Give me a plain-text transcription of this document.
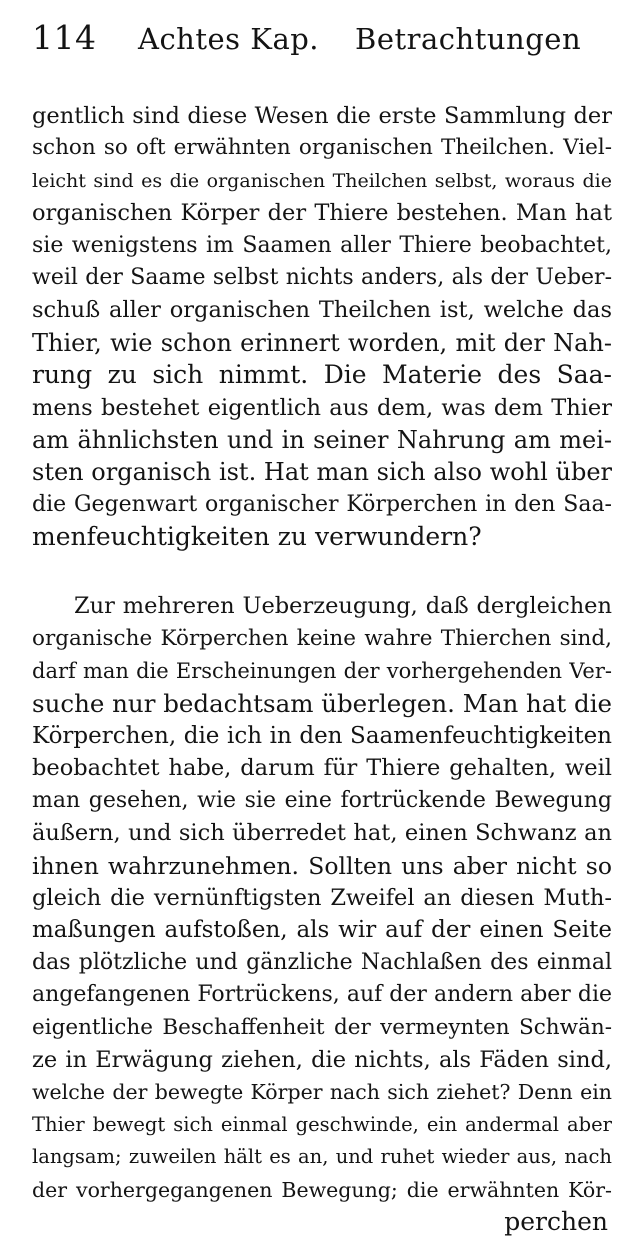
114	Achtes Kap. Betrachtungen
gentlich sind diese Wesen die erste Sammlung der
schon so oft erwähnten organischen Theilchen. Viel-
leicht sind es die organischen Theilchen selbst, woraus die
organischen Körper der Thiere bestehen. Man hat
sie wenigstens im Saamen aller Thiere beobachtet,
weil der Saame selbst nichts anders, als der Ueber-
schuß aller organischen Theilchen ist, welche das
Thier, wie schon erinnert worden, mit der Nah-
rung zu sich nimmt. Die Materie des Saa-
mens bestehet eigentlich aus dem, was dem Thier
am ähnlichsten und in seiner Nahrung am mei-
sten organisch ist. Hat man sich also wohl über
die Gegenwart organischer Körperchen in den Saa-
menfeuchtigkeiten zu verwundern?
Zur mehreren Ueberzeugung, daß dergleichen
organische Körperchen keine wahre Thierchen sind,
darf man die Erscheinungen der vorhergehenden Ver-
suche nur bedachtsam überlegen. Man hat die
Körperchen, die ich in den Saamenfeuchtigkeiten
beobachtet habe, darum für Thiere gehalten, weil
man gesehen, wie sie eine fortrückende Bewegung
äußern, und sich überredet hat, einen Schwanz an
ihnen wahrzunehmen. Sollten uns aber nicht so
gleich die vernünftigsten Zweifel an diesen Muth-
maßungen aufstoßen, als wir auf der einen Seite
das plötzliche und gänzliche Nachlaßen des einmal
angefangenen Fortrückens, auf der andern aber die
eigentliche Beschaffenheit der vermeynten Schwän-
ze in Erwägung ziehen, die nichts, als Fäden sind,
welche der bewegte Körper nach sich ziehet? Denn ein
Thier bewegt sich einmal geschwinde, ein andermal aber
langsam; zuweilen hält es an, und ruhet wieder aus, nach
der vorhergegangenen Bewegung; die erwähnten Kör-
perchen
